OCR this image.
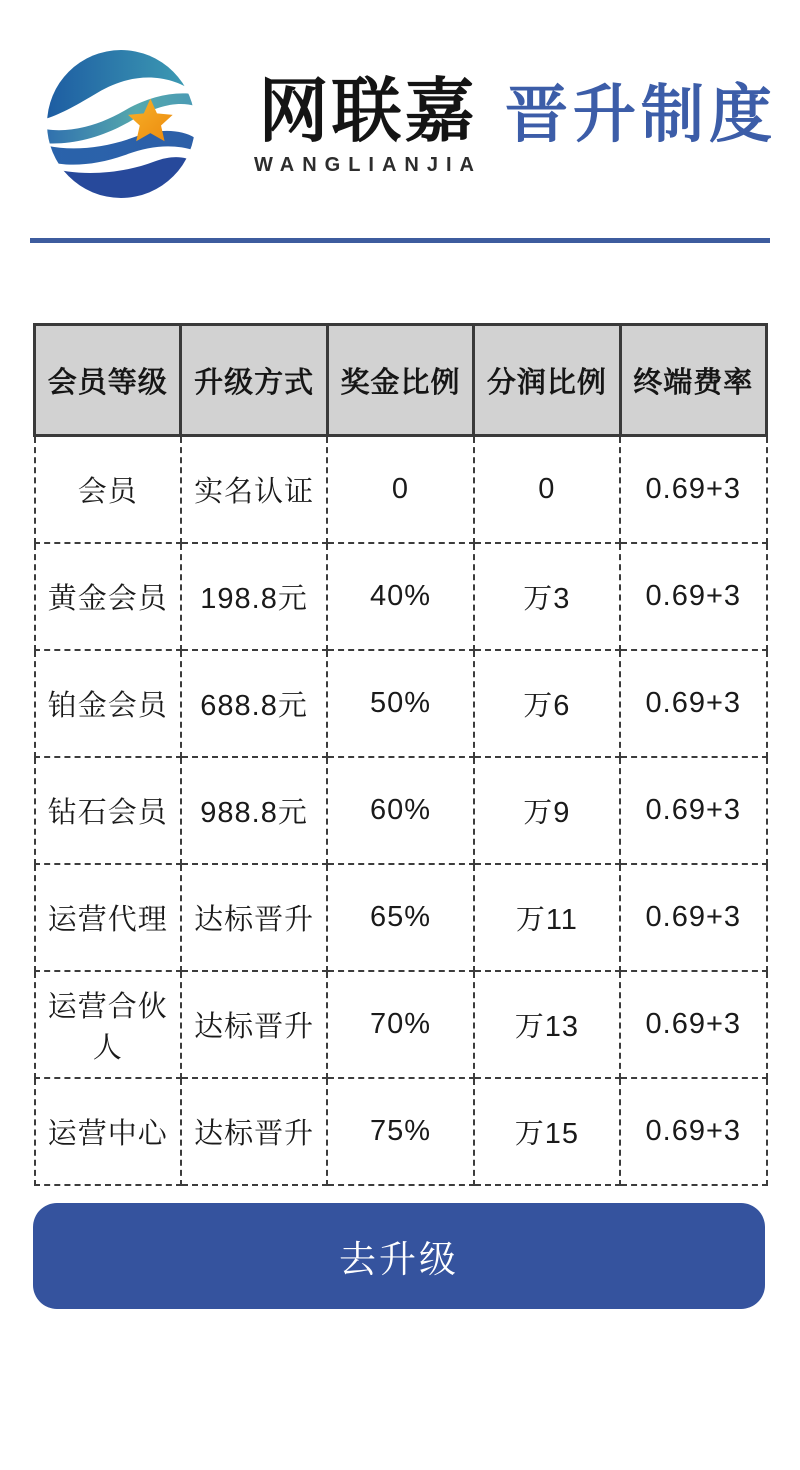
网联嘉
WANGLIANJIA
晋升制度
会员等级	升级方式	奖金比例	分润比例	终端费率
会员	实名认证	0	0	0.69+3
黄金会员	198.8元	40%	万3	0.69+3
铂金会员	688.8元	50%	万6	0.69+3
钻石会员	988.8元	60%	万9	0.69+3
运营代理	达标晋升	65%	万11	0.69+3
运营合伙人	达标晋升	70%	万13	0.69+3
运营中心	达标晋升	75%	万15	0.69+3
去升级
